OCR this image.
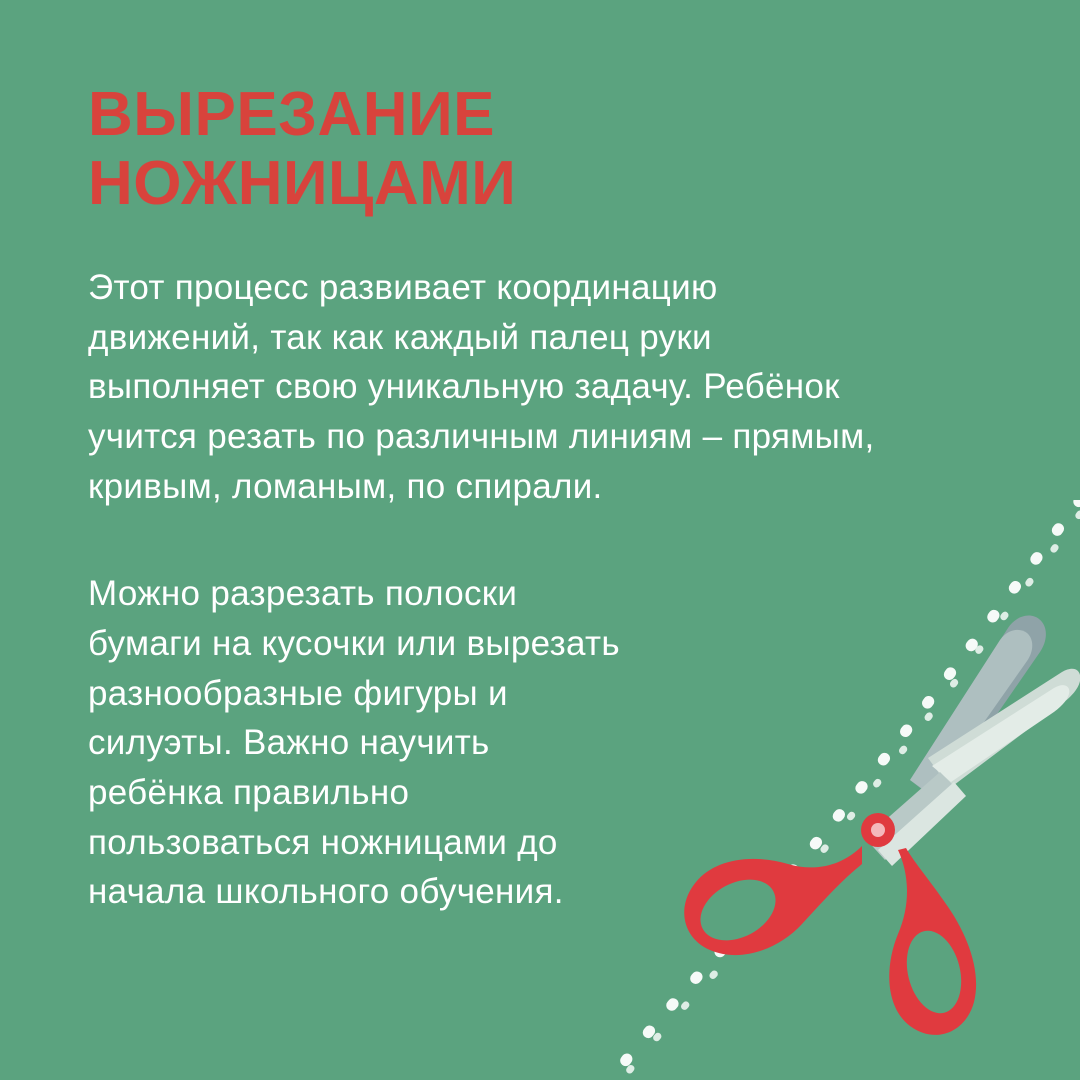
ВЫРЕЗАНИЕ НОЖНИЦАМИ

Этот процесс развивает координацию движений, так как каждый палец руки выполняет свою уникальную задачу. Ребёнок учится резать по различным линиям – прямым, кривым, ломаным, по спирали.

Можно разрезать полоски бумаги на кусочки или вырезать разнообразные фигуры и силуэты. Важно научить ребёнка правильно пользоваться ножницами до начала школьного обучения.
